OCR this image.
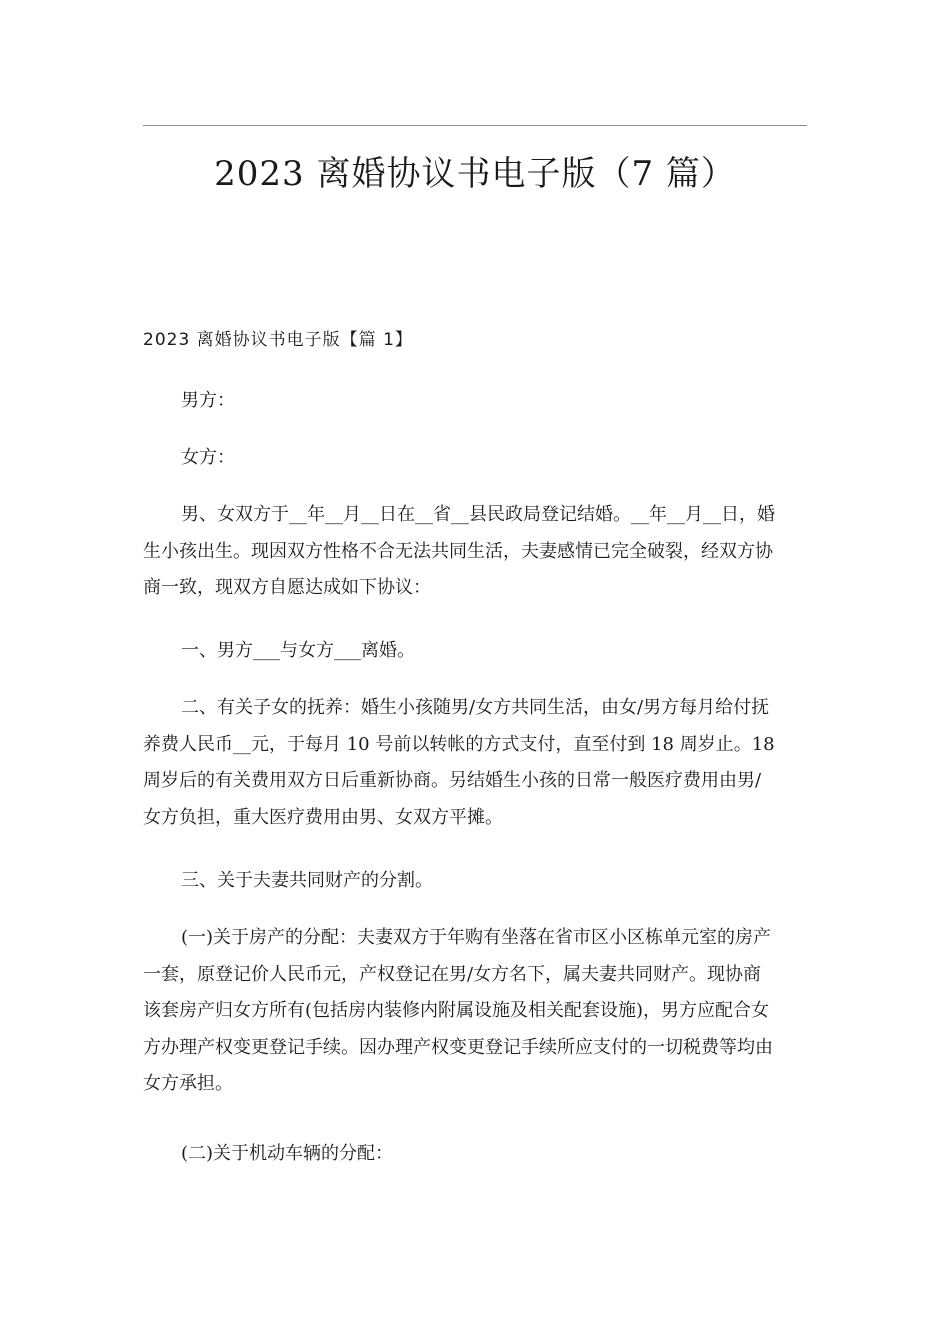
2023 离婚协议书电子版（7 篇）
2023 离婚协议书电子版【篇 1】
男方：
女方：
男、女双方于__年__月__日在__省__县民政局登记结婚。__年__月__日，婚
生小孩出生。现因双方性格不合无法共同生活，夫妻感情已完全破裂，经双方协
商一致，现双方自愿达成如下协议：
一、男方___与女方___离婚。
二、有关子女的抚养：婚生小孩随男/女方共同生活，由女/男方每月给付抚
养费人民币__元，于每月 10 号前以转帐的方式支付，直至付到 18 周岁止。18
周岁后的有关费用双方日后重新协商。另结婚生小孩的日常一般医疗费用由男/
女方负担，重大医疗费用由男、女双方平摊。
三、关于夫妻共同财产的分割。
(一)关于房产的分配：夫妻双方于年购有坐落在省市区小区栋单元室的房产
一套，原登记价人民币元，产权登记在男/女方名下，属夫妻共同财产。现协商
该套房产归女方所有(包括房内装修内附属设施及相关配套设施)，男方应配合女
方办理产权变更登记手续。因办理产权变更登记手续所应支付的一切税费等均由
女方承担。
(二)关于机动车辆的分配：
